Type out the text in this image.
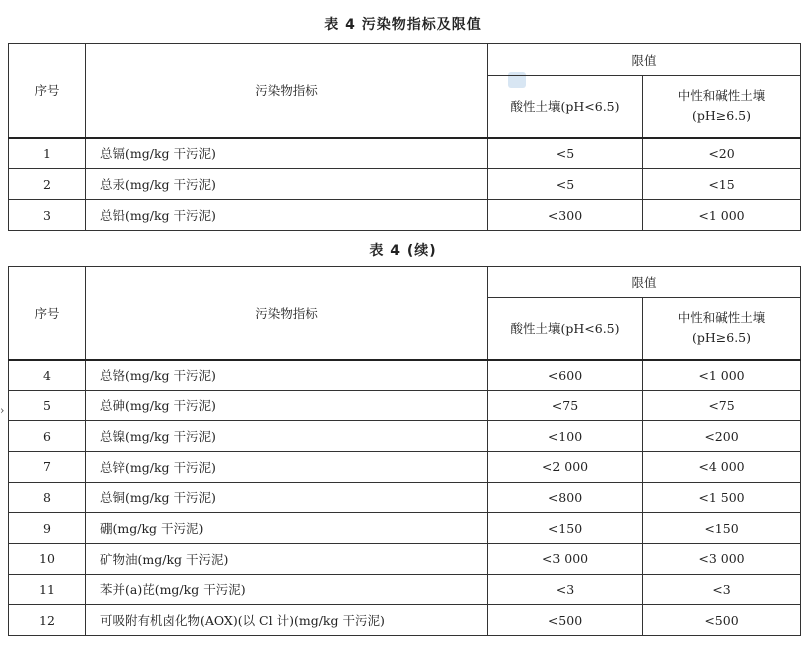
表 4 污染物指标及限值
序号	污染物指标	限值	
		酸性土壤(pH<6.5)	中性和碱性土壤
(pH≥6.5)

1	总镉(mg/kg 干污泥)	<5	<20
2	总汞(mg/kg 干污泥)	<5	<15
3	总铅(mg/kg 干污泥)	<300	<1 000
表 4 (续)
›
序号	污染物指标	限值	
		酸性土壤(pH<6.5)	中性和碱性土壤
(pH≥6.5)

4	总铬(mg/kg 干污泥)	<600	<1 000
5	总砷(mg/kg 干污泥)	<75	<75
6	总镍(mg/kg 干污泥)	<100	<200
7	总锌(mg/kg 干污泥)	<2 000	<4 000
8	总铜(mg/kg 干污泥)	<800	<1 500
9	硼(mg/kg 干污泥)	<150	<150
10	矿物油(mg/kg 干污泥)	<3 000	<3 000
11	苯并(a)芘(mg/kg 干污泥)	<3	<3
12	可吸附有机卤化物(AOX)(以 Cl 计)(mg/kg 干污泥)	<500	<500
